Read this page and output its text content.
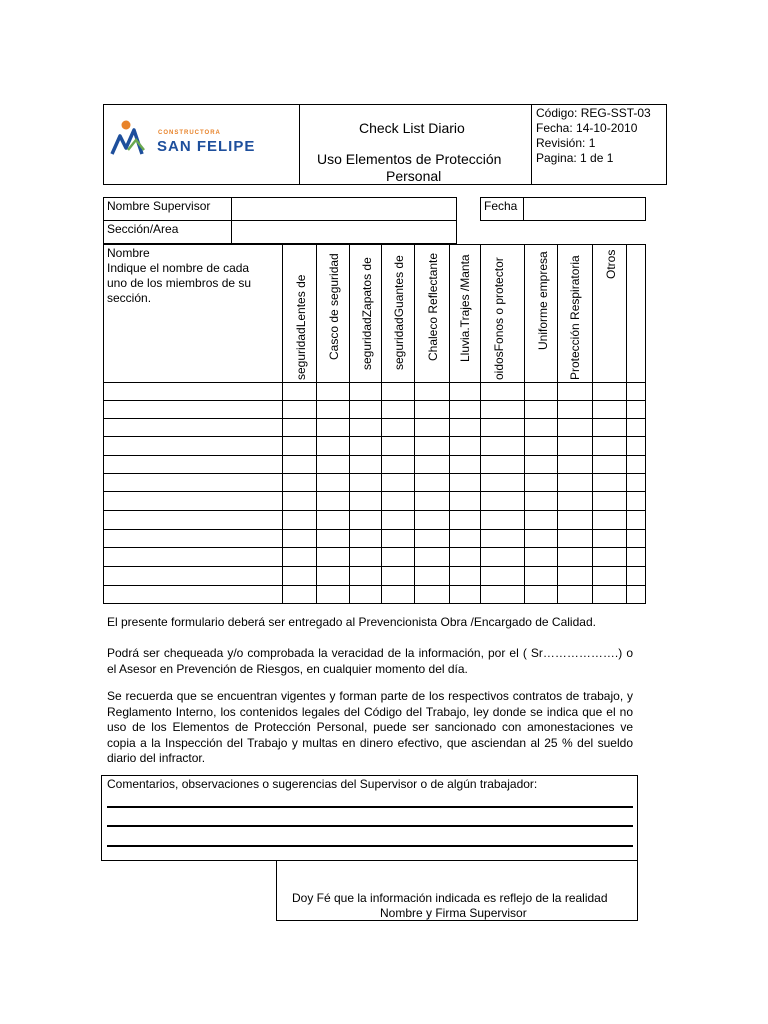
CONSTRUCTORA
SAN FELIPE
Check List Diario
Uso Elementos de Protección
Personal
Código: REG-SST-03
Fecha: 14-10-2010
Revisión: 1
Pagina: 1 de 1
Nombre Supervisor
Sección/Area
Fecha
Nombre
Indique el nombre de cada
uno de los miembros de su
sección.	seguridadLentes de Casco de seguridad seguridadZapatos de seguridadGuantes de Chaleco Reflectante Lluvia.Trajes /Manta oidosFonos o protector	Uniforme empresa Protección Respiratoria Otros
El presente formulario deberá ser entregado al Prevencionista Obra /Encargado de Calidad.
Podrá ser chequeada y/o comprobada la veracidad de la información, por el ( Sr……………….) o el Asesor en Prevención de Riesgos, en cualquier momento del día.
Se recuerda que se encuentran vigentes y forman parte de los respectivos contratos de trabajo, y Reglamento Interno, los contenidos legales del Código del Trabajo, ley donde se indica que el no uso de los Elementos de Protección Personal, puede ser sancionado con amonestaciones ve copia a la Inspección del Trabajo y multas en dinero efectivo, que asciendan al 25 % del sueldo diario del infractor.
Comentarios, observaciones o sugerencias del Supervisor o de algún trabajador:
Doy Fé que la información indicada es reflejo de la realidad
Nombre y Firma Supervisor
